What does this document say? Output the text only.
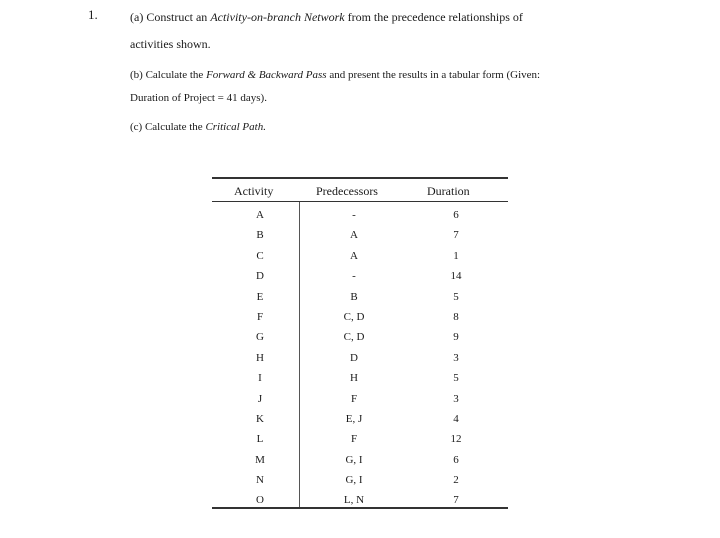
1.	(a) Construct an Activity-on-branch Network from the precedence relationships of
activities shown.
(b) Calculate the Forward & Backward Pass and present the results in a tabular form (Given:
Duration of Project = 41 days).
(c) Calculate the Critical Path.
Activity	Predecessors	Duration
A	-	6
B	A	7
C	A	1
D	-	14
E	B	5
F	C, D	8
G	C, D	9
H	D	3
I	H	5
J	F	3
K	E, J	4
L	F	12
M	G, I	6
N	G, I	2
O	L, N	7
